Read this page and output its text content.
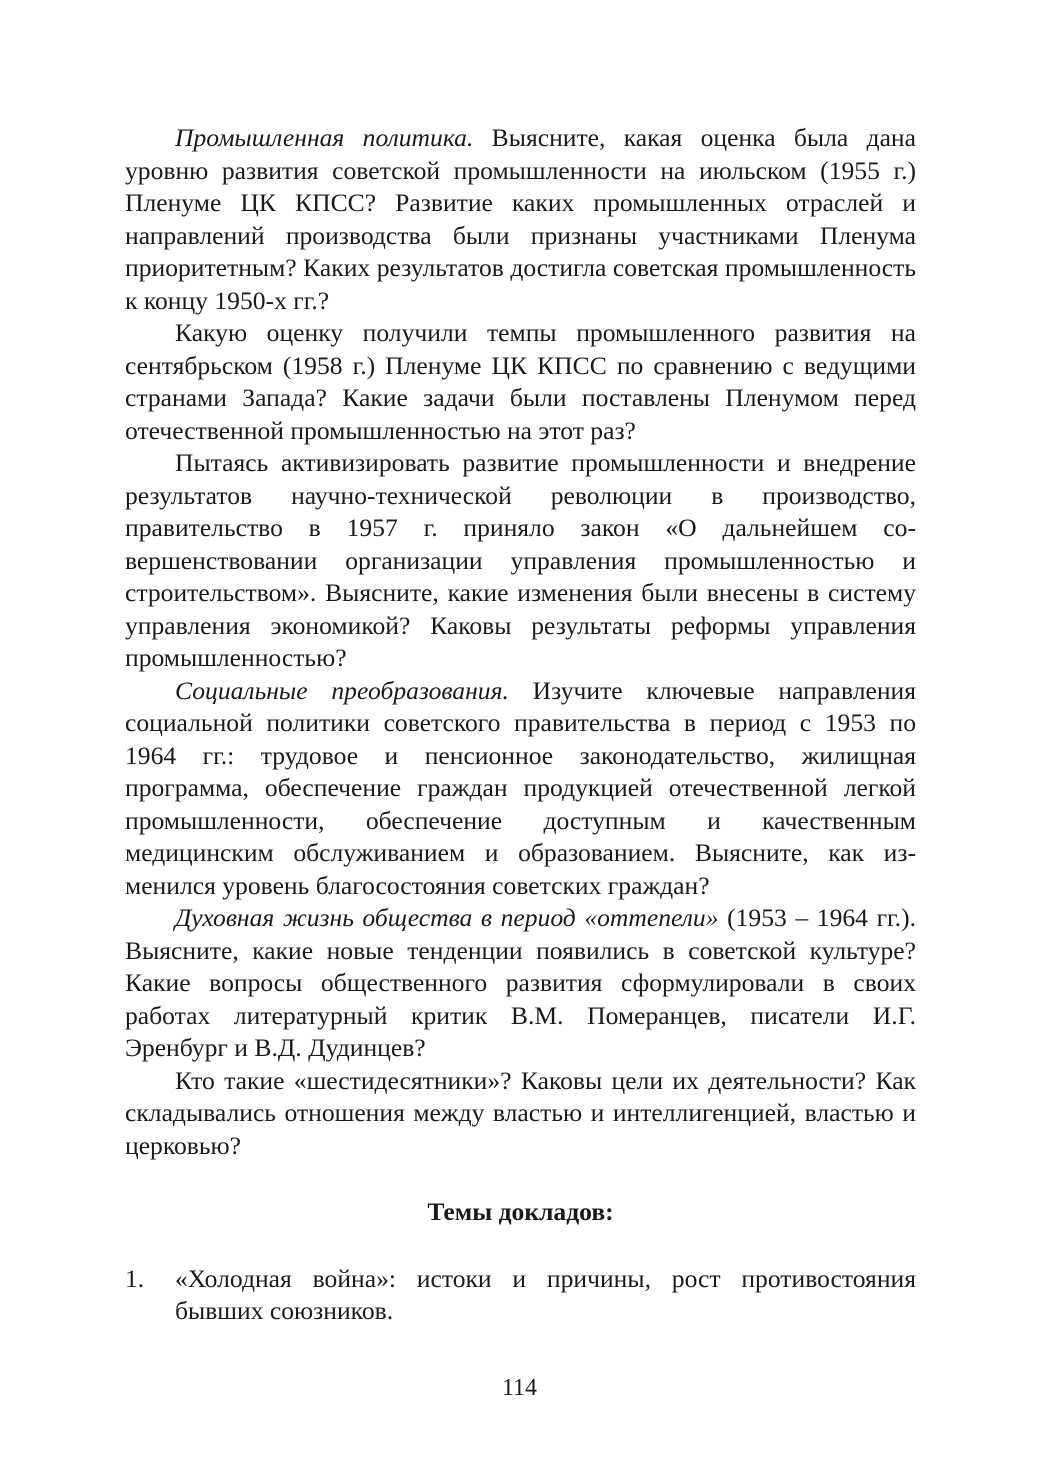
Промышленная политика. Выясните, какая оценка была дана уровню развития советской промышленности на июльском (1955 г.) Пленуме ЦК КПСС? Развитие каких промышленных отраслей и направлений производства были признаны участниками Пленума приоритетным? Каких результатов достигла советская промышленность к концу 1950-х гг.?

Какую оценку получили темпы промышленного развития на сентябрьском (1958 г.) Пленуме ЦК КПСС по сравнению с ведущими странами Запада? Какие задачи были поставлены Пленумом перед отечественной промышленностью на этот раз?

Пытаясь активизировать развитие промышленности и внедрение результатов научно-технической революции в производство, правительство в 1957 г. приняло закон «О дальнейшем совершенствовании организации управления промышленностью и строительством». Выясните, какие изменения были внесены в систему управления экономикой? Каковы результаты реформы управления промышленностью?

Социальные преобразования. Изучите ключевые направления социальной политики советского правительства в период с 1953 по 1964 гг.: трудовое и пенсионное законодательство, жилищная программа, обеспечение граждан продукцией отечественной легкой промышленности, обеспечение доступным и качественным медицинским обслуживанием и образованием. Выясните, как изменился уровень благосостояния советских граждан?

Духовная жизнь общества в период «оттепели» (1953 – 1964 гг.). Выясните, какие новые тенденции появились в советской культуре? Какие вопросы общественного развития сформулировали в своих работах литературный критик В.М. Померанцев, писатели И.Г. Эренбург и В.Д. Дудинцев?

Кто такие «шестидесятники»? Каковы цели их деятельности? Как складывались отношения между властью и интеллигенцией, властью и церковью?

Темы докладов:
1. «Холодная война»: истоки и причины, рост противостояния бывших союзников.
114
